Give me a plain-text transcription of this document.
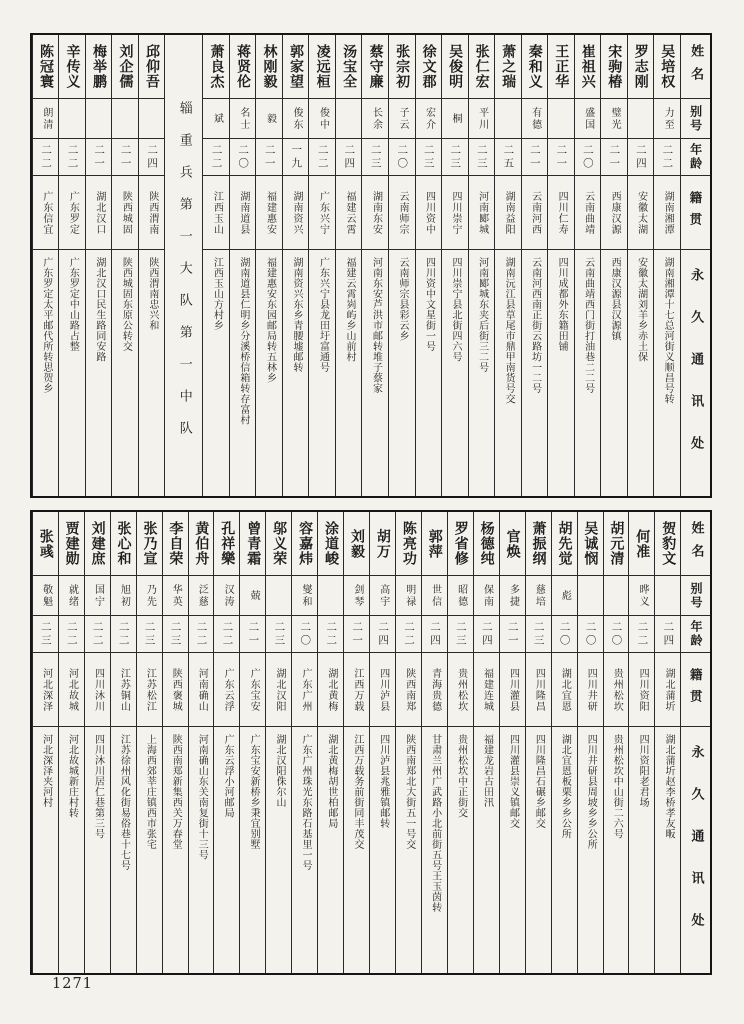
姓名
别号
年龄
籍贯
永久通讯处
吴培权
力至
二二
湖南湘潭
湖南湘潭十七总河街义顺昌号转
罗志刚
二四
安徽太湖
安徽太湖刘羊乡赤土保
宋驹椿
璧光
二一
西康汉源
西康汉源县汉源镇
崔祖兴
盛国
二〇
云南曲靖
云南曲靖西门街打油巷二二号
王正华
二一
四川仁寿
四川成都外东籍田铺
秦和义
有德
二一
云南河西
云南河西南正街云路坊一二号
萧之瑞
二五
湖南益阳
湖南沅江县草尾市鼎甲南货号交
张仁宏
平川
二三
河南郾城
河南郾城东夹后街三二号
吴俊明
桐
二三
四川崇宁
四川崇宁县北街四六号
徐文郡
宏介
二三
四川资中
四川资中文星街一号
张宗初
子云
二〇
云南师宗
云南师宗县彩云乡
蔡守廉
长余
二三
湖南东安
河南东安芦洪市邮转堆子蔡家
汤宝全
二四
福建云霄
福建云霄峛屿乡山前村
凌远桓
俊中
二二
广东兴宁
广东兴宁县龙田圩富通号
郭家望
俊东
一九
湖南资兴
湖南资兴东乡青腰墟邮转
林刚毅
毅
二一
福建惠安
福建惠安东园邮局转五林乡
蒋贤伦
名士
二〇
湖南道县
湖南道县仁明乡分溪桥信箱转存富村
萧良杰
斌
二二
江西玉山
江西玉山方村乡
辎重兵第一大队第一中队
邱仰吾
二四
陕西渭南
陕西渭南忠兴和
刘企儒
二一
陕西城固
陕西城固东原公转交
梅举鹏
二一
湖北汉口
湖北汉口民生路同安路
辛传义
二二
广东罗定
广东罗定中山路占整
陈冠寰
朗清
二二
广东信宜
广东罗定太平邮代所转思贺乡
姓名
别号
年龄
籍贯
永久通讯处
贺豹文
二四
湖北蒲圻
湖北蒲圻赵李桥孝友畈
何准
晔义
二二
四川资阳
四川资阳老君场
胡元清
二〇
贵州松坎
贵州松坎中山街二六号
吴诚悯
二〇
四川井研
四川井研县周坡乡乡公所
胡先觉
彪
二〇
湖北宜恩
湖北宜恩板栗乡乡公所
萧振纲
慈培
二三
四川隆昌
四川隆昌石碾乡邮交
官焕
多捷
二一
四川灌县
四川灌县崇义镇邮交
杨德纯
保南
二四
福建连城
福建龙岩古田汛
罗省修
昭德
二三
贵州松坎
贵州松坎中正街交
郭萍
世信
二四
青海贵德
甘肃兰州广武路小北前街五号王玉茵转
陈亮功
明禄
二二
陕西南郑
陕西南郑北大街五一号交
胡万
高宇
二四
四川泸县
四川泸县兆雅镇邮转
刘毅
剑琴
二一
江西万载
江西万载务前街同丰茂交
涂道峻
二二
湖北黄梅
湖北黄梅胡世柏邮局
容嘉炜
燮和
二〇
广东广州
广东广州珠光东路石基里一号
邬义荣
二三
湖北汉阳
湖北汉阳侏尔山
曾青霜
兢
二一
广东宝安
广东宝安新桥乡秉宜别墅
孔祥樂
汉涛
二二
广东云浮
广东云浮小河邮局
黄伯舟
泛慈
二二
河南确山
河南确山东关南复街十三号
李自荣
华英
二三
陕西褒城
陕西南郑新集西关万春堂
张乃宣
乃先
二三
江苏松江
上海西郊莘庄镇西市张宅
张心和
旭初
二二
江苏铜山
江苏徐州风化街易俗巷十七号
刘建庶
国宁
二二
四川沐川
四川沐川居仁巷第三号
贾建勋
就绪
二二
河北故城
河北故城新庄村转
张彧
敬魁
二三
河北深泽
河北深泽夹河村
1271
